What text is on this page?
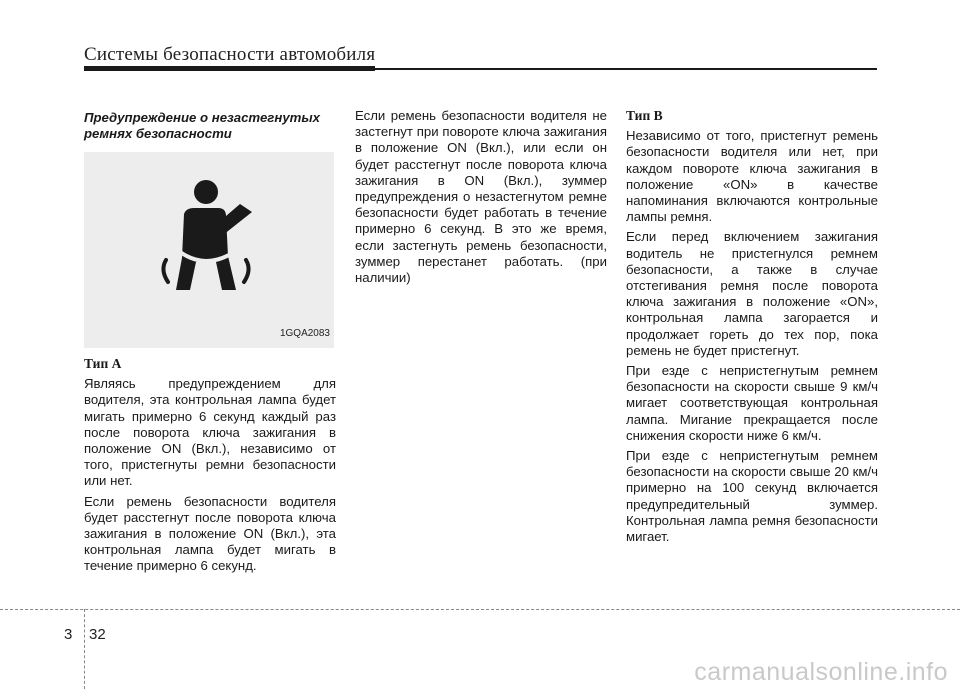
Системы безопасности автомобиля
Предупреждение о незастегнутых ремнях безопасности
1GQA2083
Тип А

Являясь предупреждением для водителя, эта контрольная лампа будет мигать примерно 6 секунд каждый раз после поворота ключа зажигания в положение ON (Вкл.), независимо от того, пристегнуты ремни безопасности или нет.

Если ремень безопасности водителя будет расстегнут после поворота ключа зажигания в положение ON (Вкл.), эта контрольная лампа будет мигать в течение примерно 6 секунд.

Если ремень безопасности водителя не застегнут при повороте ключа зажигания в положение ON (Вкл.), или если он будет расстегнут после поворота ключа зажигания в ON (Вкл.), зуммер предупреждения о незастегнутом ремне безопасности будет работать в течение примерно 6 секунд. В это же время, если застегнуть ремень безопасности, зуммер перестанет работать. (при наличии)

Тип В

Независимо от того, пристегнут ремень безопасности водителя или нет, при каждом повороте ключа зажигания в положение «ON» в качестве напоминания включаются контрольные лампы ремня.

Если перед включением зажигания водитель не пристегнулся ремнем безопасности, а также в случае отстегивания ремня после поворота ключа зажигания в положение «ON», контрольная лампа загорается и продолжает гореть до тех пор, пока ремень не будет пристегнут.

При езде с непристегнутым ремнем безопасности на скорости свыше 9 км/ч мигает соответствующая контрольная лампа. Мигание прекращается после снижения скорости ниже 6 км/ч.

При езде с непристегнутым ремнем безопасности на скорости свыше 20 км/ч примерно на 100 секунд включается предупредительный зуммер. Контрольная лампа ремня безопасности мигает.

3 32
carmanualsonline.info
